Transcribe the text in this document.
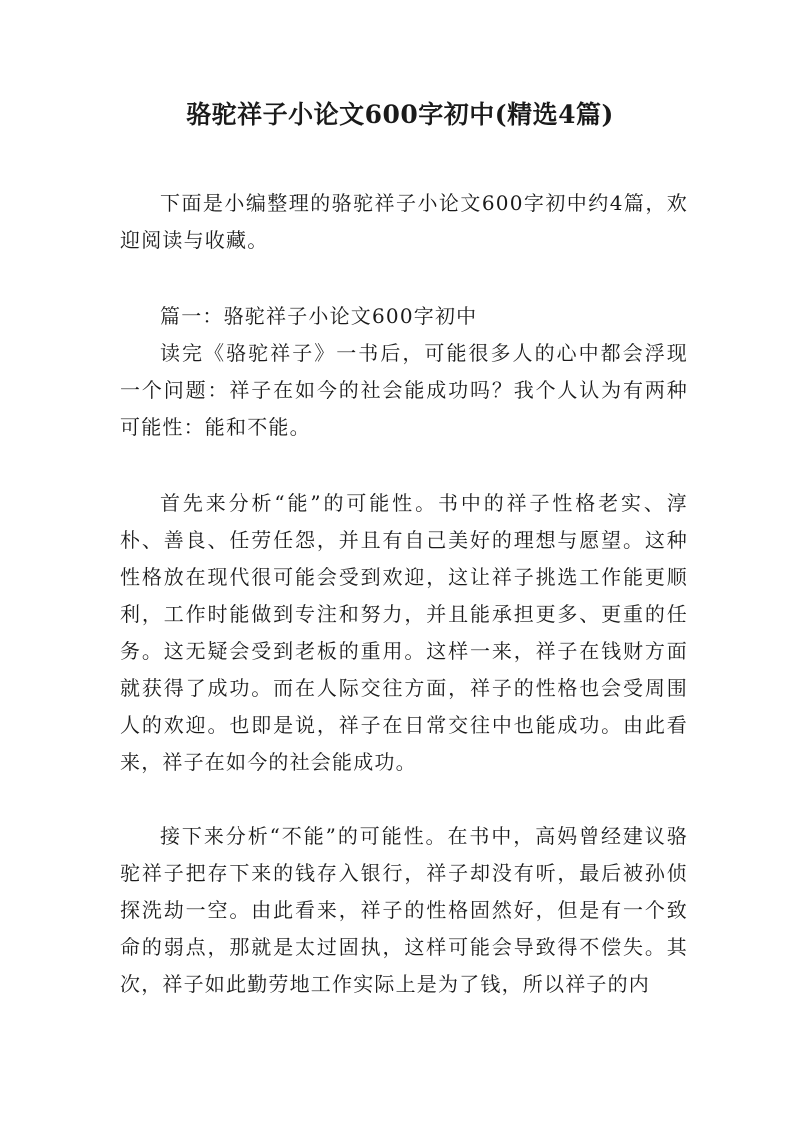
骆驼祥子小论文600字初中(精选4篇)

下面是小编整理的骆驼祥子小论文600字初中约4篇，欢迎阅读与收藏。

篇一：骆驼祥子小论文600字初中

读完《骆驼祥子》一书后，可能很多人的心中都会浮现一个问题：祥子在如今的社会能成功吗？我个人认为有两种可能性：能和不能。

首先来分析“能”的可能性。书中的祥子性格老实、淳朴、善良、任劳任怨，并且有自己美好的理想与愿望。这种性格放在现代很可能会受到欢迎，这让祥子挑选工作能更顺利，工作时能做到专注和努力，并且能承担更多、更重的任务。这无疑会受到老板的重用。这样一来，祥子在钱财方面就获得了成功。而在人际交往方面，祥子的性格也会受周围人的欢迎。也即是说，祥子在日常交往中也能成功。由此看来，祥子在如今的社会能成功。

接下来分析“不能”的可能性。在书中，高妈曾经建议骆驼祥子把存下来的钱存入银行，祥子却没有听，最后被孙侦探洗劫一空。由此看来，祥子的性格固然好，但是有一个致命的弱点，那就是太过固执，这样可能会导致得不偿失。其次，祥子如此勤劳地工作实际上是为了钱，所以祥子的内
